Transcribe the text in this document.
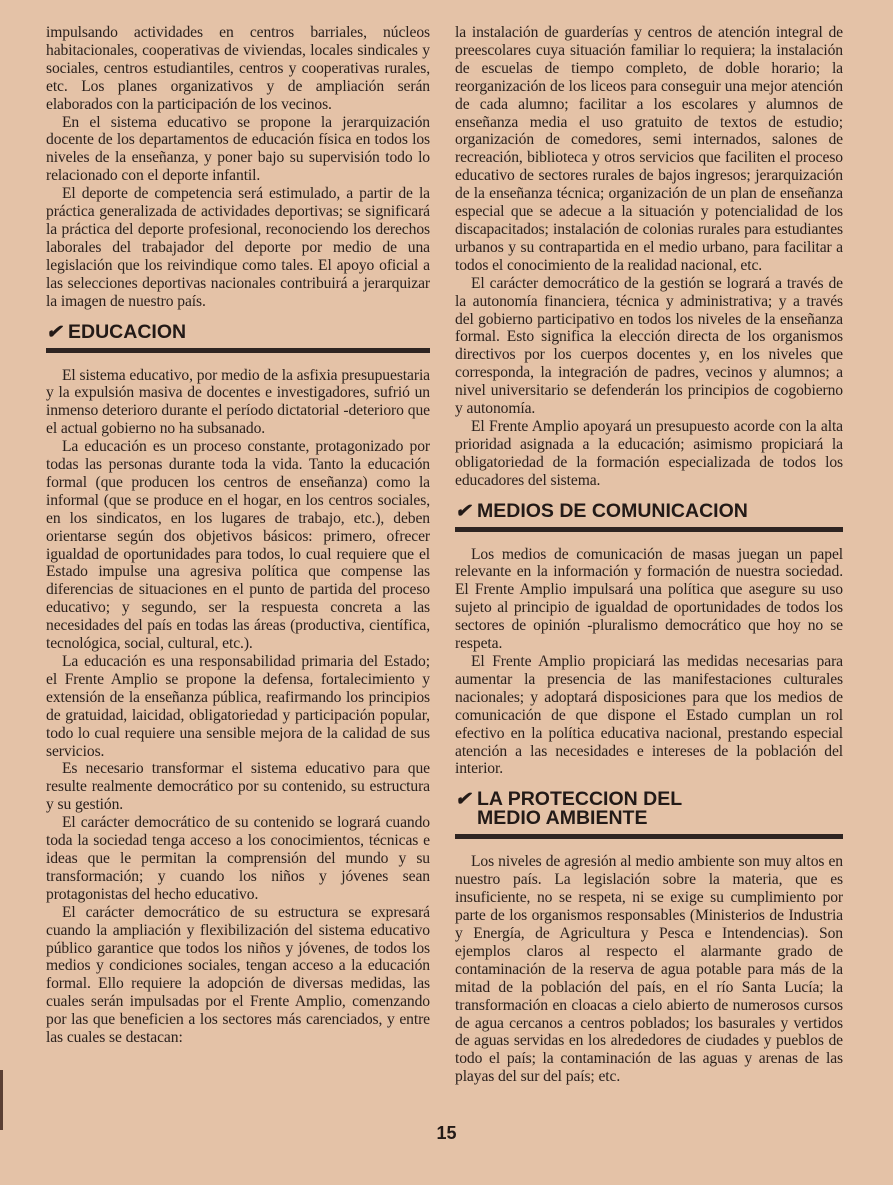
impulsando actividades en centros barriales, núcleos habitacionales, cooperativas de viviendas, locales sindicales y sociales, centros estudiantiles, centros y cooperativas rurales, etc. Los planes organizativos y de ampliación serán elaborados con la participación de los vecinos.

En el sistema educativo se propone la jerarquización docente de los departamentos de educación física en todos los niveles de la enseñanza, y poner bajo su supervisión todo lo relacionado con el deporte infantil.

El deporte de competencia será estimulado, a partir de la práctica generalizada de actividades deportivas; se significará la práctica del deporte profesional, reconociendo los derechos laborales del trabajador del deporte por medio de una legislación que los reivindique como tales. El apoyo oficial a las selecciones deportivas nacionales contribuirá a jerarquizar la imagen de nuestro país.

✔ EDUCACION

El sistema educativo, por medio de la asfixia presupuestaria y la expulsión masiva de docentes e investigadores, sufrió un inmenso deterioro durante el período dictatorial -deterioro que el actual gobierno no ha subsanado.

La educación es un proceso constante, protagonizado por todas las personas durante toda la vida. Tanto la educación formal (que producen los centros de enseñanza) como la informal (que se produce en el hogar, en los centros sociales, en los sindicatos, en los lugares de trabajo, etc.), deben orientarse según dos objetivos básicos: primero, ofrecer igualdad de oportunidades para todos, lo cual requiere que el Estado impulse una agresiva política que compense las diferencias de situaciones en el punto de partida del proceso educativo; y segundo, ser la respuesta concreta a las necesidades del país en todas las áreas (productiva, científica, tecnológica, social, cultural, etc.).

La educación es una responsabilidad primaria del Estado; el Frente Amplio se propone la defensa, fortalecimiento y extensión de la enseñanza pública, reafirmando los principios de gratuidad, laicidad, obligatoriedad y participación popular, todo lo cual requiere una sensible mejora de la calidad de sus servicios.

Es necesario transformar el sistema educativo para que resulte realmente democrático por su contenido, su estructura y su gestión.

El carácter democrático de su contenido se logrará cuando toda la sociedad tenga acceso a los conocimientos, técnicas e ideas que le permitan la comprensión del mundo y su transformación; y cuando los niños y jóvenes sean protagonistas del hecho educativo.

El carácter democrático de su estructura se expresará cuando la ampliación y flexibilización del sistema educativo público garantice que todos los niños y jóvenes, de todos los medios y condiciones sociales, tengan acceso a la educación formal. Ello requiere la adopción de diversas medidas, las cuales serán impulsadas por el Frente Amplio, comenzando por las que beneficien a los sectores más carenciados, y entre las cuales se destacan:

la instalación de guarderías y centros de atención integral de preescolares cuya situación familiar lo requiera; la instalación de escuelas de tiempo completo, de doble horario; la reorganización de los liceos para conseguir una mejor atención de cada alumno; facilitar a los escolares y alumnos de enseñanza media el uso gratuito de textos de estudio; organización de comedores, semi internados, salones de recreación, biblioteca y otros servicios que faciliten el proceso educativo de sectores rurales de bajos ingresos; jerarquización de la enseñanza técnica; organización de un plan de enseñanza especial que se adecue a la situación y potencialidad de los discapacitados; instalación de colonias rurales para estudiantes urbanos y su contrapartida en el medio urbano, para facilitar a todos el conocimiento de la realidad nacional, etc.

El carácter democrático de la gestión se logrará a través de la autonomía financiera, técnica y administrativa; y a través del gobierno participativo en todos los niveles de la enseñanza formal. Esto significa la elección directa de los organismos directivos por los cuerpos docentes y, en los niveles que corresponda, la integración de padres, vecinos y alumnos; a nivel universitario se defenderán los principios de cogobierno y autonomía.

El Frente Amplio apoyará un presupuesto acorde con la alta prioridad asignada a la educación; asimismo propiciará la obligatoriedad de la formación especializada de todos los educadores del sistema.

✔ MEDIOS DE COMUNICACION

Los medios de comunicación de masas juegan un papel relevante en la información y formación de nuestra sociedad. El Frente Amplio impulsará una política que asegure su uso sujeto al principio de igualdad de oportunidades de todos los sectores de opinión -pluralismo democrático que hoy no se respeta.

El Frente Amplio propiciará las medidas necesarias para aumentar la presencia de las manifestaciones culturales nacionales; y adoptará disposiciones para que los medios de comunicación de que dispone el Estado cumplan un rol efectivo en la política educativa nacional, prestando especial atención a las necesidades e intereses de la población del interior.

✔ LA PROTECCION DEL
MEDIO AMBIENTE

Los niveles de agresión al medio ambiente son muy altos en nuestro país. La legislación sobre la materia, que es insuficiente, no se respeta, ni se exige su cumplimiento por parte de los organismos responsables (Ministerios de Industria y Energía, de Agricultura y Pesca e Intendencias). Son ejemplos claros al respecto el alarmante grado de contaminación de la reserva de agua potable para más de la mitad de la población del país, en el río Santa Lucía; la transformación en cloacas a cielo abierto de numerosos cursos de agua cercanos a centros poblados; los basurales y vertidos de aguas servidas en los alrededores de ciudades y pueblos de todo el país; la contaminación de las aguas y arenas de las playas del sur del país; etc.

15
